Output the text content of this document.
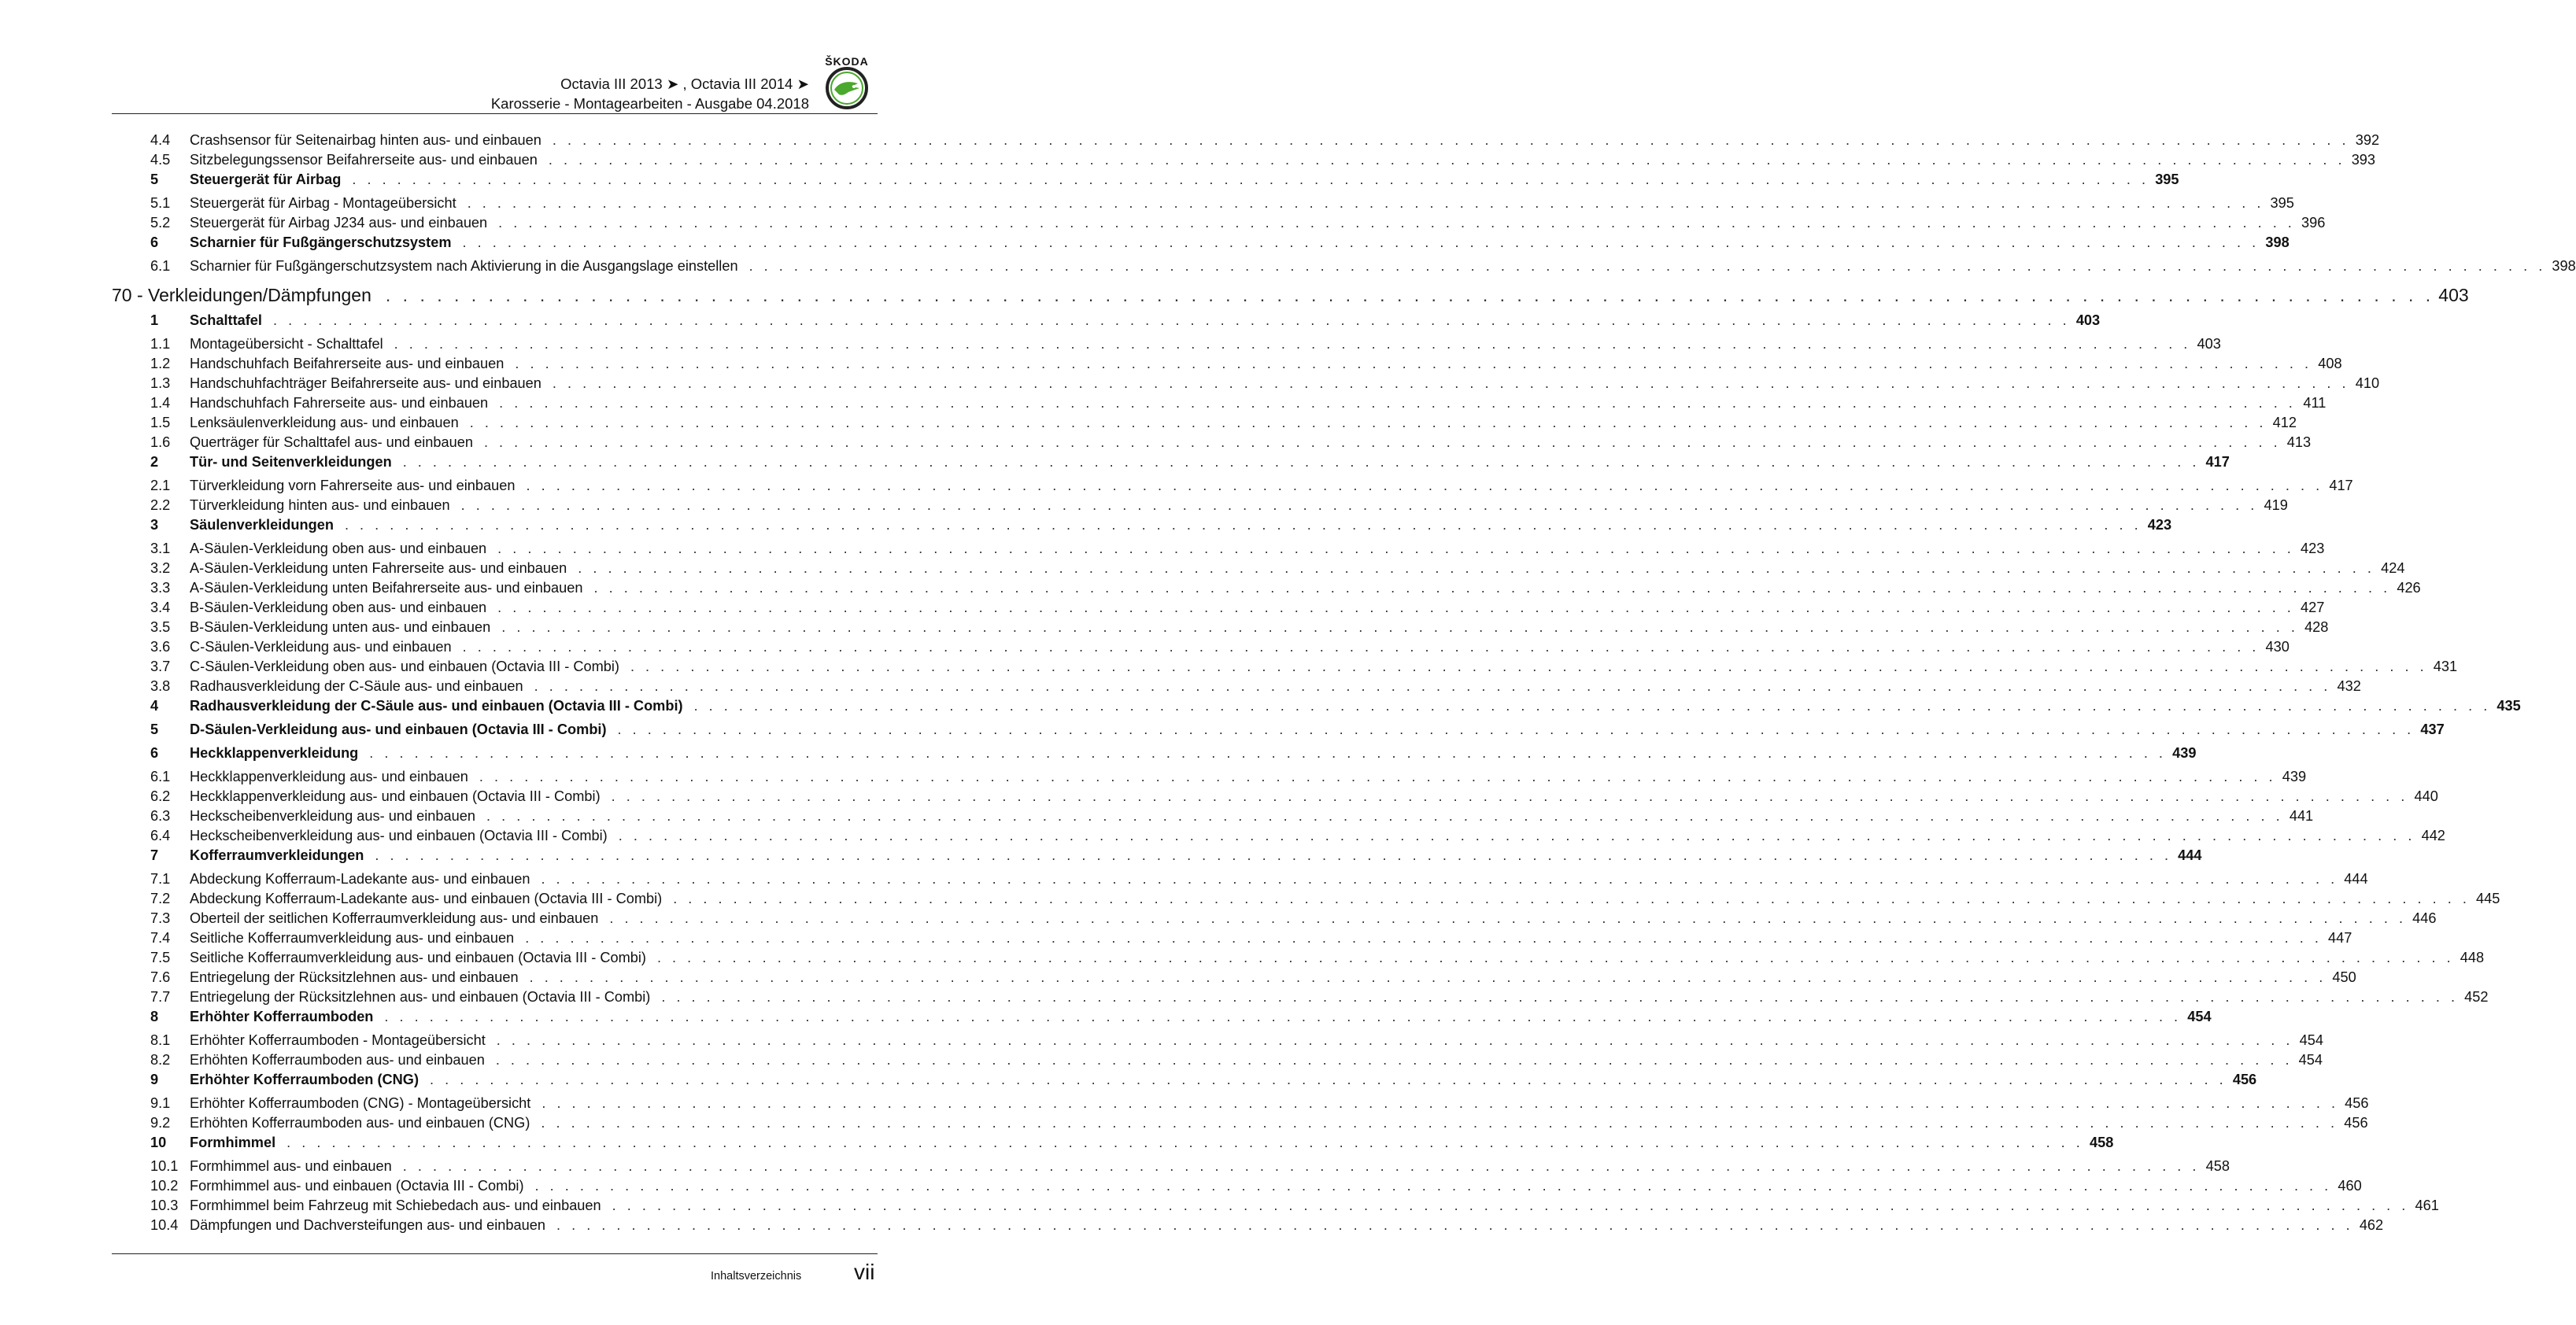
ŠKODA
Octavia III 2013 ➤ , Octavia III 2014 ➤
Karosserie - Montagearbeiten - Ausgabe 04.2018
4.4	Crashsensor für Seitenairbag hinten aus- und einbauen . . . . . . . . . . . . . . . . . . . . . . . . . . . . . . . . . . . . . . . . . . . . . . . . . . . . . . . . . . . . . . . . . . . . . . . . . . . . . . . . . . . . . . . . . . . . . . . . . . . . . . . . . . . . . . . . . . . . . . . . 392
4.5	Sitzbelegungssensor Beifahrerseite aus- und einbauen . . . . . . . . . . . . . . . . . . . . . . . . . . . . . . . . . . . . . . . . . . . . . . . . . . . . . . . . . . . . . . . . . . . . . . . . . . . . . . . . . . . . . . . . . . . . . . . . . . . . . . . . . . . . . . . . . . . . . . . . 393
5	Steuergerät für Airbag . . . . . . . . . . . . . . . . . . . . . . . . . . . . . . . . . . . . . . . . . . . . . . . . . . . . . . . . . . . . . . . . . . . . . . . . . . . . . . . . . . . . . . . . . . . . . . . . . . . . . . . . . . . . . . . . . . . . . . . . 395
5.1	Steuergerät für Airbag - Montageübersicht . . . . . . . . . . . . . . . . . . . . . . . . . . . . . . . . . . . . . . . . . . . . . . . . . . . . . . . . . . . . . . . . . . . . . . . . . . . . . . . . . . . . . . . . . . . . . . . . . . . . . . . . . . . . . . . . . . . . . . . . 395
5.2	Steuergerät für Airbag J234 aus- und einbauen . . . . . . . . . . . . . . . . . . . . . . . . . . . . . . . . . . . . . . . . . . . . . . . . . . . . . . . . . . . . . . . . . . . . . . . . . . . . . . . . . . . . . . . . . . . . . . . . . . . . . . . . . . . . . . . . . . . . . . . . 396
6	Scharnier für Fußgängerschutzsystem . . . . . . . . . . . . . . . . . . . . . . . . . . . . . . . . . . . . . . . . . . . . . . . . . . . . . . . . . . . . . . . . . . . . . . . . . . . . . . . . . . . . . . . . . . . . . . . . . . . . . . . . . . . . . . . . . . . . . . . . 398
6.1	Scharnier für Fußgängerschutzsystem nach Aktivierung in die Ausgangslage einstellen . . . . . . . . . . . . . . . . . . . . . . . . . . . . . . . . . . . . . . . . . . . . . . . . . . . . . . . . . . . . . . . . . . . . . . . . . . . . . . . . . . . . . . . . . . . . . . . . . . . . . . . . . . . . . . . . . . . . . . . . 398
70 - Verkleidungen/Dämpfungen . . . . . . . . . . . . . . . . . . . . . . . . . . . . . . . . . . . . . . . . . . . . . . . . . . . . . . . . . . . . . . . . . . . . . . . . . . . . . . . . . . . . . . . . . . . . . . . . . . . . . . . . . . . . . . . . . . . . . . . . 403
1	Schalttafel . . . . . . . . . . . . . . . . . . . . . . . . . . . . . . . . . . . . . . . . . . . . . . . . . . . . . . . . . . . . . . . . . . . . . . . . . . . . . . . . . . . . . . . . . . . . . . . . . . . . . . . . . . . . . . . . . . . . . . . . 403
1.1	Montageübersicht - Schalttafel . . . . . . . . . . . . . . . . . . . . . . . . . . . . . . . . . . . . . . . . . . . . . . . . . . . . . . . . . . . . . . . . . . . . . . . . . . . . . . . . . . . . . . . . . . . . . . . . . . . . . . . . . . . . . . . . . . . . . . . . 403
1.2	Handschuhfach Beifahrerseite aus- und einbauen . . . . . . . . . . . . . . . . . . . . . . . . . . . . . . . . . . . . . . . . . . . . . . . . . . . . . . . . . . . . . . . . . . . . . . . . . . . . . . . . . . . . . . . . . . . . . . . . . . . . . . . . . . . . . . . . . . . . . . . . 408
1.3	Handschuhfachträger Beifahrerseite aus- und einbauen . . . . . . . . . . . . . . . . . . . . . . . . . . . . . . . . . . . . . . . . . . . . . . . . . . . . . . . . . . . . . . . . . . . . . . . . . . . . . . . . . . . . . . . . . . . . . . . . . . . . . . . . . . . . . . . . . . . . . . . . 410
1.4	Handschuhfach Fahrerseite aus- und einbauen . . . . . . . . . . . . . . . . . . . . . . . . . . . . . . . . . . . . . . . . . . . . . . . . . . . . . . . . . . . . . . . . . . . . . . . . . . . . . . . . . . . . . . . . . . . . . . . . . . . . . . . . . . . . . . . . . . . . . . . . 411
1.5	Lenksäulenverkleidung aus- und einbauen . . . . . . . . . . . . . . . . . . . . . . . . . . . . . . . . . . . . . . . . . . . . . . . . . . . . . . . . . . . . . . . . . . . . . . . . . . . . . . . . . . . . . . . . . . . . . . . . . . . . . . . . . . . . . . . . . . . . . . . . 412
1.6	Querträger für Schalttafel aus- und einbauen . . . . . . . . . . . . . . . . . . . . . . . . . . . . . . . . . . . . . . . . . . . . . . . . . . . . . . . . . . . . . . . . . . . . . . . . . . . . . . . . . . . . . . . . . . . . . . . . . . . . . . . . . . . . . . . . . . . . . . . . 413
2	Tür- und Seitenverkleidungen . . . . . . . . . . . . . . . . . . . . . . . . . . . . . . . . . . . . . . . . . . . . . . . . . . . . . . . . . . . . . . . . . . . . . . . . . . . . . . . . . . . . . . . . . . . . . . . . . . . . . . . . . . . . . . . . . . . . . . . . 417
2.1	Türverkleidung vorn Fahrerseite aus- und einbauen . . . . . . . . . . . . . . . . . . . . . . . . . . . . . . . . . . . . . . . . . . . . . . . . . . . . . . . . . . . . . . . . . . . . . . . . . . . . . . . . . . . . . . . . . . . . . . . . . . . . . . . . . . . . . . . . . . . . . . . . 417
2.2	Türverkleidung hinten aus- und einbauen . . . . . . . . . . . . . . . . . . . . . . . . . . . . . . . . . . . . . . . . . . . . . . . . . . . . . . . . . . . . . . . . . . . . . . . . . . . . . . . . . . . . . . . . . . . . . . . . . . . . . . . . . . . . . . . . . . . . . . . . 419
3	Säulenverkleidungen . . . . . . . . . . . . . . . . . . . . . . . . . . . . . . . . . . . . . . . . . . . . . . . . . . . . . . . . . . . . . . . . . . . . . . . . . . . . . . . . . . . . . . . . . . . . . . . . . . . . . . . . . . . . . . . . . . . . . . . . 423
3.1	A-Säulen-Verkleidung oben aus- und einbauen . . . . . . . . . . . . . . . . . . . . . . . . . . . . . . . . . . . . . . . . . . . . . . . . . . . . . . . . . . . . . . . . . . . . . . . . . . . . . . . . . . . . . . . . . . . . . . . . . . . . . . . . . . . . . . . . . . . . . . . . 423
3.2	A-Säulen-Verkleidung unten Fahrerseite aus- und einbauen . . . . . . . . . . . . . . . . . . . . . . . . . . . . . . . . . . . . . . . . . . . . . . . . . . . . . . . . . . . . . . . . . . . . . . . . . . . . . . . . . . . . . . . . . . . . . . . . . . . . . . . . . . . . . . . . . . . . . . . . 424
3.3	A-Säulen-Verkleidung unten Beifahrerseite aus- und einbauen . . . . . . . . . . . . . . . . . . . . . . . . . . . . . . . . . . . . . . . . . . . . . . . . . . . . . . . . . . . . . . . . . . . . . . . . . . . . . . . . . . . . . . . . . . . . . . . . . . . . . . . . . . . . . . . . . . . . . . . . 426
3.4	B-Säulen-Verkleidung oben aus- und einbauen . . . . . . . . . . . . . . . . . . . . . . . . . . . . . . . . . . . . . . . . . . . . . . . . . . . . . . . . . . . . . . . . . . . . . . . . . . . . . . . . . . . . . . . . . . . . . . . . . . . . . . . . . . . . . . . . . . . . . . . . 427
3.5	B-Säulen-Verkleidung unten aus- und einbauen . . . . . . . . . . . . . . . . . . . . . . . . . . . . . . . . . . . . . . . . . . . . . . . . . . . . . . . . . . . . . . . . . . . . . . . . . . . . . . . . . . . . . . . . . . . . . . . . . . . . . . . . . . . . . . . . . . . . . . . . 428
3.6	C-Säulen-Verkleidung aus- und einbauen . . . . . . . . . . . . . . . . . . . . . . . . . . . . . . . . . . . . . . . . . . . . . . . . . . . . . . . . . . . . . . . . . . . . . . . . . . . . . . . . . . . . . . . . . . . . . . . . . . . . . . . . . . . . . . . . . . . . . . . . 430
3.7	C-Säulen-Verkleidung oben aus- und einbauen (Octavia III - Combi) . . . . . . . . . . . . . . . . . . . . . . . . . . . . . . . . . . . . . . . . . . . . . . . . . . . . . . . . . . . . . . . . . . . . . . . . . . . . . . . . . . . . . . . . . . . . . . . . . . . . . . . . . . . . . . . . . . . . . . . . 431
3.8	Radhausverkleidung der C-Säule aus- und einbauen . . . . . . . . . . . . . . . . . . . . . . . . . . . . . . . . . . . . . . . . . . . . . . . . . . . . . . . . . . . . . . . . . . . . . . . . . . . . . . . . . . . . . . . . . . . . . . . . . . . . . . . . . . . . . . . . . . . . . . . . 432
4	Radhausverkleidung der C-Säule aus- und einbauen (Octavia III - Combi) . . . . . . . . . . . . . . . . . . . . . . . . . . . . . . . . . . . . . . . . . . . . . . . . . . . . . . . . . . . . . . . . . . . . . . . . . . . . . . . . . . . . . . . . . . . . . . . . . . . . . . . . . . . . . . . . . . . . . . . . 435
5	D-Säulen-Verkleidung aus- und einbauen (Octavia III - Combi) . . . . . . . . . . . . . . . . . . . . . . . . . . . . . . . . . . . . . . . . . . . . . . . . . . . . . . . . . . . . . . . . . . . . . . . . . . . . . . . . . . . . . . . . . . . . . . . . . . . . . . . . . . . . . . . . . . . . . . . . 437
6	Heckklappenverkleidung . . . . . . . . . . . . . . . . . . . . . . . . . . . . . . . . . . . . . . . . . . . . . . . . . . . . . . . . . . . . . . . . . . . . . . . . . . . . . . . . . . . . . . . . . . . . . . . . . . . . . . . . . . . . . . . . . . . . . . . . 439
6.1	Heckklappenverkleidung aus- und einbauen . . . . . . . . . . . . . . . . . . . . . . . . . . . . . . . . . . . . . . . . . . . . . . . . . . . . . . . . . . . . . . . . . . . . . . . . . . . . . . . . . . . . . . . . . . . . . . . . . . . . . . . . . . . . . . . . . . . . . . . . 439
6.2	Heckklappenverkleidung aus- und einbauen (Octavia III - Combi) . . . . . . . . . . . . . . . . . . . . . . . . . . . . . . . . . . . . . . . . . . . . . . . . . . . . . . . . . . . . . . . . . . . . . . . . . . . . . . . . . . . . . . . . . . . . . . . . . . . . . . . . . . . . . . . . . . . . . . . . 440
6.3	Heckscheibenverkleidung aus- und einbauen . . . . . . . . . . . . . . . . . . . . . . . . . . . . . . . . . . . . . . . . . . . . . . . . . . . . . . . . . . . . . . . . . . . . . . . . . . . . . . . . . . . . . . . . . . . . . . . . . . . . . . . . . . . . . . . . . . . . . . . . 441
6.4	Heckscheibenverkleidung aus- und einbauen (Octavia III - Combi) . . . . . . . . . . . . . . . . . . . . . . . . . . . . . . . . . . . . . . . . . . . . . . . . . . . . . . . . . . . . . . . . . . . . . . . . . . . . . . . . . . . . . . . . . . . . . . . . . . . . . . . . . . . . . . . . . . . . . . . . 442
7	Kofferraumverkleidungen . . . . . . . . . . . . . . . . . . . . . . . . . . . . . . . . . . . . . . . . . . . . . . . . . . . . . . . . . . . . . . . . . . . . . . . . . . . . . . . . . . . . . . . . . . . . . . . . . . . . . . . . . . . . . . . . . . . . . . . . 444
7.1	Abdeckung Kofferraum-Ladekante aus- und einbauen . . . . . . . . . . . . . . . . . . . . . . . . . . . . . . . . . . . . . . . . . . . . . . . . . . . . . . . . . . . . . . . . . . . . . . . . . . . . . . . . . . . . . . . . . . . . . . . . . . . . . . . . . . . . . . . . . . . . . . . . 444
7.2	Abdeckung Kofferraum-Ladekante aus- und einbauen (Octavia III - Combi) . . . . . . . . . . . . . . . . . . . . . . . . . . . . . . . . . . . . . . . . . . . . . . . . . . . . . . . . . . . . . . . . . . . . . . . . . . . . . . . . . . . . . . . . . . . . . . . . . . . . . . . . . . . . . . . . . . . . . . . . 445
7.3	Oberteil der seitlichen Kofferraumverkleidung aus- und einbauen . . . . . . . . . . . . . . . . . . . . . . . . . . . . . . . . . . . . . . . . . . . . . . . . . . . . . . . . . . . . . . . . . . . . . . . . . . . . . . . . . . . . . . . . . . . . . . . . . . . . . . . . . . . . . . . . . . . . . . . . 446
7.4	Seitliche Kofferraumverkleidung aus- und einbauen . . . . . . . . . . . . . . . . . . . . . . . . . . . . . . . . . . . . . . . . . . . . . . . . . . . . . . . . . . . . . . . . . . . . . . . . . . . . . . . . . . . . . . . . . . . . . . . . . . . . . . . . . . . . . . . . . . . . . . . . 447
7.5	Seitliche Kofferraumverkleidung aus- und einbauen (Octavia III - Combi) . . . . . . . . . . . . . . . . . . . . . . . . . . . . . . . . . . . . . . . . . . . . . . . . . . . . . . . . . . . . . . . . . . . . . . . . . . . . . . . . . . . . . . . . . . . . . . . . . . . . . . . . . . . . . . . . . . . . . . . . 448
7.6	Entriegelung der Rücksitzlehnen aus- und einbauen . . . . . . . . . . . . . . . . . . . . . . . . . . . . . . . . . . . . . . . . . . . . . . . . . . . . . . . . . . . . . . . . . . . . . . . . . . . . . . . . . . . . . . . . . . . . . . . . . . . . . . . . . . . . . . . . . . . . . . . . 450
7.7	Entriegelung der Rücksitzlehnen aus- und einbauen (Octavia III - Combi) . . . . . . . . . . . . . . . . . . . . . . . . . . . . . . . . . . . . . . . . . . . . . . . . . . . . . . . . . . . . . . . . . . . . . . . . . . . . . . . . . . . . . . . . . . . . . . . . . . . . . . . . . . . . . . . . . . . . . . . . 452
8	Erhöhter Kofferraumboden . . . . . . . . . . . . . . . . . . . . . . . . . . . . . . . . . . . . . . . . . . . . . . . . . . . . . . . . . . . . . . . . . . . . . . . . . . . . . . . . . . . . . . . . . . . . . . . . . . . . . . . . . . . . . . . . . . . . . . . . 454
8.1	Erhöhter Kofferraumboden - Montageübersicht . . . . . . . . . . . . . . . . . . . . . . . . . . . . . . . . . . . . . . . . . . . . . . . . . . . . . . . . . . . . . . . . . . . . . . . . . . . . . . . . . . . . . . . . . . . . . . . . . . . . . . . . . . . . . . . . . . . . . . . . 454
8.2	Erhöhten Kofferraumboden aus- und einbauen . . . . . . . . . . . . . . . . . . . . . . . . . . . . . . . . . . . . . . . . . . . . . . . . . . . . . . . . . . . . . . . . . . . . . . . . . . . . . . . . . . . . . . . . . . . . . . . . . . . . . . . . . . . . . . . . . . . . . . . . 454
9	Erhöhter Kofferraumboden (CNG) . . . . . . . . . . . . . . . . . . . . . . . . . . . . . . . . . . . . . . . . . . . . . . . . . . . . . . . . . . . . . . . . . . . . . . . . . . . . . . . . . . . . . . . . . . . . . . . . . . . . . . . . . . . . . . . . . . . . . . . . 456
9.1	Erhöhter Kofferraumboden (CNG) - Montageübersicht . . . . . . . . . . . . . . . . . . . . . . . . . . . . . . . . . . . . . . . . . . . . . . . . . . . . . . . . . . . . . . . . . . . . . . . . . . . . . . . . . . . . . . . . . . . . . . . . . . . . . . . . . . . . . . . . . . . . . . . . 456
9.2	Erhöhten Kofferraumboden aus- und einbauen (CNG) . . . . . . . . . . . . . . . . . . . . . . . . . . . . . . . . . . . . . . . . . . . . . . . . . . . . . . . . . . . . . . . . . . . . . . . . . . . . . . . . . . . . . . . . . . . . . . . . . . . . . . . . . . . . . . . . . . . . . . . . 456
10	Formhimmel . . . . . . . . . . . . . . . . . . . . . . . . . . . . . . . . . . . . . . . . . . . . . . . . . . . . . . . . . . . . . . . . . . . . . . . . . . . . . . . . . . . . . . . . . . . . . . . . . . . . . . . . . . . . . . . . . . . . . . . . 458
10.1 Formhimmel aus- und einbauen . . . . . . . . . . . . . . . . . . . . . . . . . . . . . . . . . . . . . . . . . . . . . . . . . . . . . . . . . . . . . . . . . . . . . . . . . . . . . . . . . . . . . . . . . . . . . . . . . . . . . . . . . . . . . . . . . . . . . . . . 458
10.2 Formhimmel aus- und einbauen (Octavia III - Combi) . . . . . . . . . . . . . . . . . . . . . . . . . . . . . . . . . . . . . . . . . . . . . . . . . . . . . . . . . . . . . . . . . . . . . . . . . . . . . . . . . . . . . . . . . . . . . . . . . . . . . . . . . . . . . . . . . . . . . . . . 460
10.3 Formhimmel beim Fahrzeug mit Schiebedach aus- und einbauen . . . . . . . . . . . . . . . . . . . . . . . . . . . . . . . . . . . . . . . . . . . . . . . . . . . . . . . . . . . . . . . . . . . . . . . . . . . . . . . . . . . . . . . . . . . . . . . . . . . . . . . . . . . . . . . . . . . . . . . . 461
10.4 Dämpfungen und Dachversteifungen aus- und einbauen . . . . . . . . . . . . . . . . . . . . . . . . . . . . . . . . . . . . . . . . . . . . . . . . . . . . . . . . . . . . . . . . . . . . . . . . . . . . . . . . . . . . . . . . . . . . . . . . . . . . . . . . . . . . . . . . . . . . . . . . 462
Inhaltsverzeichnis vii
